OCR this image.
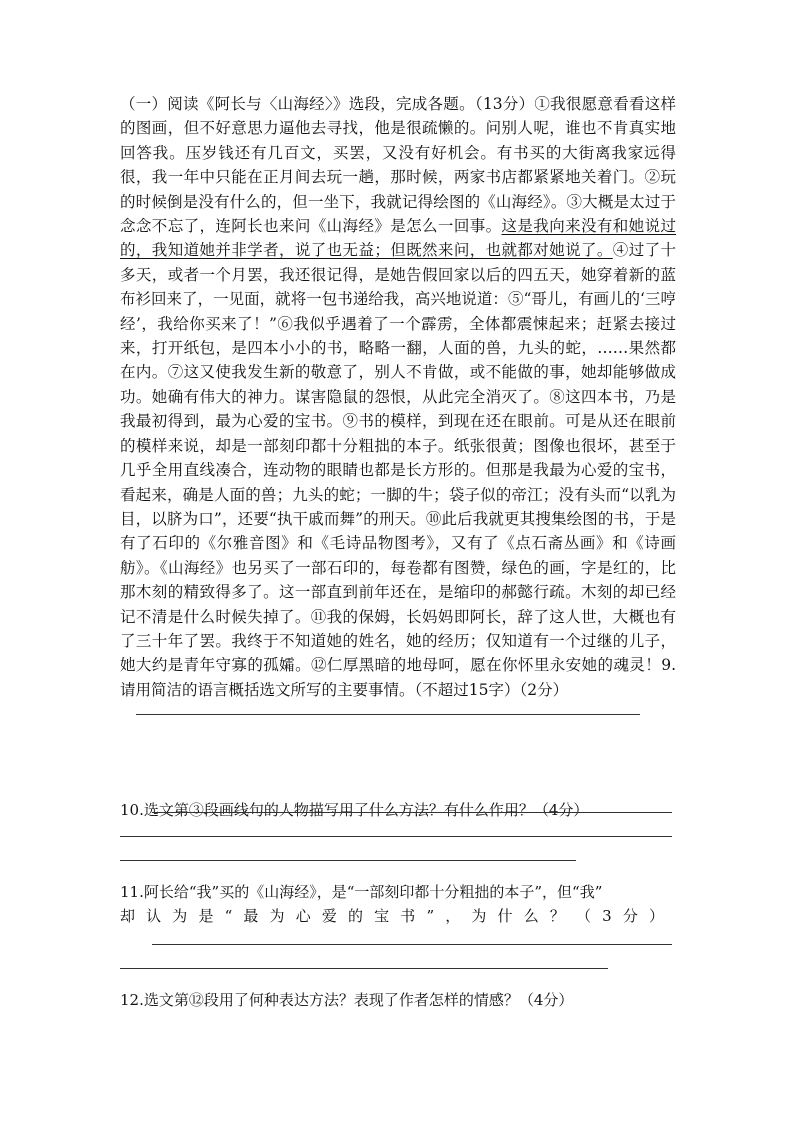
（一）阅读《阿长与〈山海经〉》选段，完成各题。（13分）①我很愿意看看这样的图画，但不好意思力逼他去寻找，他是很疏懒的。问别人呢，谁也不肯真实地回答我。压岁钱还有几百文，买罢，又没有好机会。有书买的大街离我家远得很，我一年中只能在正月间去玩一趟，那时候，两家书店都紧紧地关着门。②玩的时候倒是没有什么的，但一坐下，我就记得绘图的《山海经》。③大概是太过于念念不忘了，连阿长也来问《山海经》是怎么一回事。这是我向来没有和她说过的，我知道她并非学者，说了也无益；但既然来问，也就都对她说了。④过了十多天，或者一个月罢，我还很记得，是她告假回家以后的四五天，她穿着新的蓝布衫回来了，一见面，就将一包书递给我，高兴地说道：⑤“哥儿，有画儿的‘三哼经’，我给你买来了！”⑥我似乎遇着了一个霹雳，全体都震悚起来；赶紧去接过来，打开纸包，是四本小小的书，略略一翻，人面的兽，九头的蛇，……果然都在内。⑦这又使我发生新的敬意了，别人不肯做，或不能做的事，她却能够做成功。她确有伟大的神力。谋害隐鼠的怨恨，从此完全消灭了。⑧这四本书，乃是我最初得到，最为心爱的宝书。⑨书的模样，到现在还在眼前。可是从还在眼前的模样来说，却是一部刻印都十分粗拙的本子。纸张很黄；图像也很坏，甚至于几乎全用直线凑合，连动物的眼睛也都是长方形的。但那是我最为心爱的宝书，看起来，确是人面的兽；九头的蛇；一脚的牛；袋子似的帝江；没有头而“以乳为目，以脐为口”，还要“执干戚而舞”的刑天。⑩此后我就更其搜集绘图的书，于是有了石印的《尔雅音图》和《毛诗品物图考》，又有了《点石斋丛画》和《诗画舫》。《山海经》也另买了一部石印的，每卷都有图赞，绿色的画，字是红的，比那木刻的精致得多了。这一部直到前年还在，是缩印的郝懿行疏。木刻的却已经记不清是什么时候失掉了。⑪我的保姆，长妈妈即阿长，辞了这人世，大概也有了三十年了罢。我终于不知道她的姓名，她的经历；仅知道有一个过继的儿子，她大约是青年守寡的孤孀。⑫仁厚黑暗的地母呵，愿在你怀里永安她的魂灵！9.请用简洁的语言概括选文所写的主要事情。（不超过15字）（2分）
10.选文第③段画线句的人物描写用了什么方法？有什么作用？（4分）
11.阿长给“我”买的《山海经》，是“一部刻印都十分粗拙的本子”，但“我”
却认为是“最为心爱的宝书”，为什么？（3分）
12.选文第⑫段用了何种表达方法？表现了作者怎样的情感？（4分）
